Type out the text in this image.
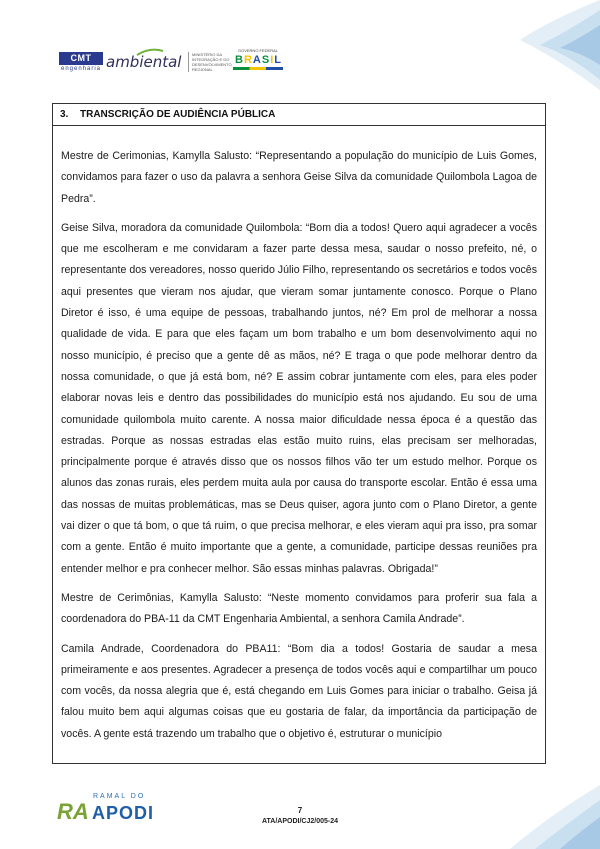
CMT
engenharia ambiental	MINISTÉRIO DA INTEGRAÇÃO E DO DESENVOLVIMENTO REGIONAL
GOVERNO FEDERAL
B R A S I L
3. TRANSCRIÇÃO DE AUDIÊNCIA PÚBLICA

Mestre de Cerimonias, Kamylla Salusto: “Representando a população do município de Luis Gomes, convidamos para fazer o uso da palavra a senhora Geise Silva da comunidade Quilombola Lagoa de Pedra”.

Geise Silva, moradora da comunidade Quilombola: “Bom dia a todos! Quero aqui agradecer a vocês que me escolheram e me convidaram a fazer parte dessa mesa, saudar o nosso prefeito, né, o representante dos vereadores, nosso querido Júlio Filho, representando os secretários e todos vocês aqui presentes que vieram nos ajudar, que vieram somar juntamente conosco. Porque o Plano Diretor é isso, é uma equipe de pessoas, trabalhando juntos, né? Em prol de melhorar a nossa qualidade de vida. E para que eles façam um bom trabalho e um bom desenvolvimento aqui no nosso município, é preciso que a gente dê as mãos, né? E traga o que pode melhorar dentro da nossa comunidade, o que já está bom, né? E assim cobrar juntamente com eles, para eles poder elaborar novas leis e dentro das possibilidades do município está nos ajudando. Eu sou de uma comunidade quilombola muito carente. A nossa maior dificuldade nessa época é a questão das estradas. Porque as nossas estradas elas estão muito ruins, elas precisam ser melhoradas, principalmente porque é através disso que os nossos filhos vão ter um estudo melhor. Porque os alunos das zonas rurais, eles perdem muita aula por causa do transporte escolar. Então é essa uma das nossas de muitas problemáticas, mas se Deus quiser, agora junto com o Plano Diretor, a gente vai dizer o que tá bom, o que tá ruim, o que precisa melhorar, e eles vieram aqui pra isso, pra somar com a gente. Então é muito importante que a gente, a comunidade, participe dessas reuniões pra entender melhor e pra conhecer melhor. São essas minhas palavras. Obrigada!”

Mestre de Cerimônias, Kamylla Salusto: “Neste momento convidamos para proferir sua fala a coordenadora do PBA-11 da CMT Engenharia Ambiental, a senhora Camila Andrade”.

Camila Andrade, Coordenadora do PBA11: “Bom dia a todos! Gostaria de saudar a mesa primeiramente e aos presentes. Agradecer a presença de todos vocês aqui e compartilhar um pouco com vocês, da nossa alegria que é, está chegando em Luis Gomes para iniciar o trabalho. Geisa já falou muito bem aqui algumas coisas que eu gostaria de falar, da importância da participação de vocês. A gente está trazendo um trabalho que o objetivo é, estruturar o município

RA
RAMAL DO
APODI	7
ATA/APODI/CJ2/005-24
